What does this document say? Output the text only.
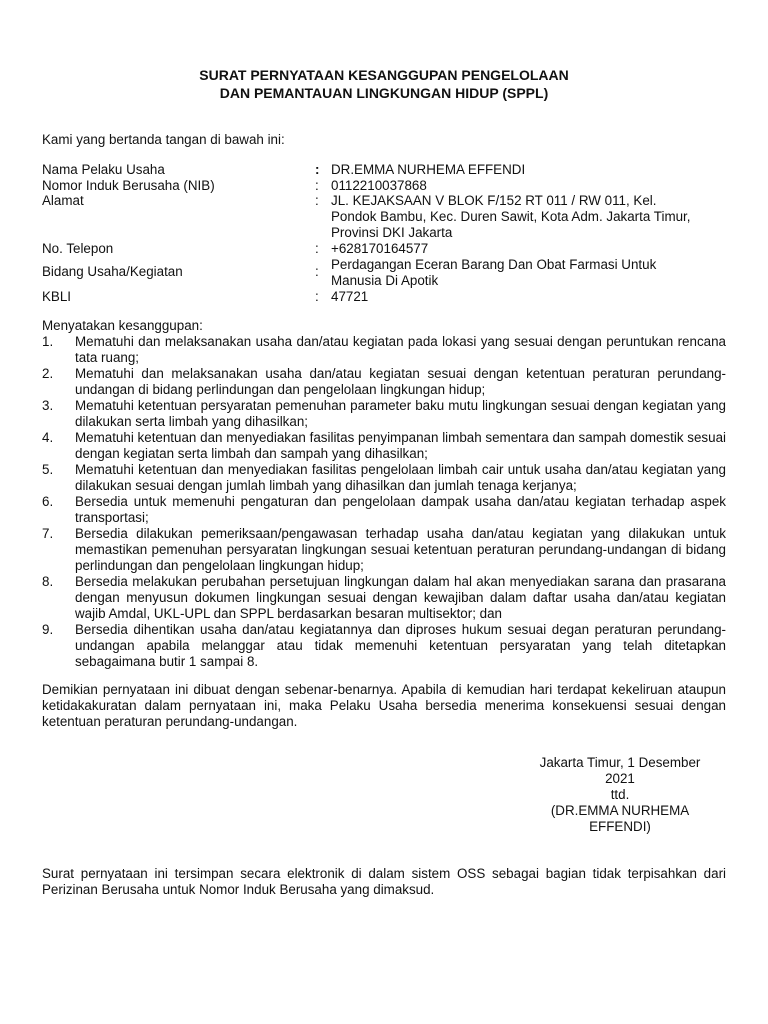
SURAT PERNYATAAN KESANGGUPAN PENGELOLAAN
DAN PEMANTAUAN LINGKUNGAN HIDUP (SPPL)
Kami yang bertanda tangan di bawah ini:
Nama Pelaku Usaha	: DR.EMMA NURHEMA EFFENDI
Nomor Induk Berusaha (NIB)	: 0112210037868
Alamat	: JL. KEJAKSAAN V BLOK F/152 RT 011 / RW 011, Kel.
Pondok Bambu, Kec. Duren Sawit, Kota Adm. Jakarta Timur,
Provinsi DKI Jakarta
No. Telepon	: +628170164577
Bidang Usaha/Kegiatan	: Perdagangan Eceran Barang Dan Obat Farmasi Untuk
Manusia Di Apotik
KBLI	: 47721
Menyatakan kesanggupan:
1. Mematuhi dan melaksanakan usaha dan/atau kegiatan pada lokasi yang sesuai dengan peruntukan rencana tata ruang;
2. Mematuhi dan melaksanakan usaha dan/atau kegiatan sesuai dengan ketentuan peraturan perundang-undangan di bidang perlindungan dan pengelolaan lingkungan hidup;
3. Mematuhi ketentuan persyaratan pemenuhan parameter baku mutu lingkungan sesuai dengan kegiatan yang dilakukan serta limbah yang dihasilkan;
4. Mematuhi ketentuan dan menyediakan fasilitas penyimpanan limbah sementara dan sampah domestik sesuai dengan kegiatan serta limbah dan sampah yang dihasilkan;
5. Mematuhi ketentuan dan menyediakan fasilitas pengelolaan limbah cair untuk usaha dan/atau kegiatan yang dilakukan sesuai dengan jumlah limbah yang dihasilkan dan jumlah tenaga kerjanya;
6. Bersedia untuk memenuhi pengaturan dan pengelolaan dampak usaha dan/atau kegiatan terhadap aspek transportasi;
7. Bersedia dilakukan pemeriksaan/pengawasan terhadap usaha dan/atau kegiatan yang dilakukan untuk memastikan pemenuhan persyaratan lingkungan sesuai ketentuan peraturan perundang-undangan di bidang perlindungan dan pengelolaan lingkungan hidup;
8. Bersedia melakukan perubahan persetujuan lingkungan dalam hal akan menyediakan sarana dan prasarana dengan menyusun dokumen lingkungan sesuai dengan kewajiban dalam daftar usaha dan/atau kegiatan wajib Amdal, UKL-UPL dan SPPL berdasarkan besaran multisektor; dan
9. Bersedia dihentikan usaha dan/atau kegiatannya dan diproses hukum sesuai degan peraturan perundang-undangan apabila melanggar atau tidak memenuhi ketentuan persyaratan yang telah ditetapkan sebagaimana butir 1 sampai 8.
Demikian pernyataan ini dibuat dengan sebenar-benarnya. Apabila di kemudian hari terdapat kekeliruan ataupun ketidakakuratan dalam pernyataan ini, maka Pelaku Usaha bersedia menerima konsekuensi sesuai dengan ketentuan peraturan perundang-undangan.
Jakarta Timur, 1 Desember
2021
ttd.
(DR.EMMA NURHEMA
EFFENDI)
Surat pernyataan ini tersimpan secara elektronik di dalam sistem OSS sebagai bagian tidak terpisahkan dari Perizinan Berusaha untuk Nomor Induk Berusaha yang dimaksud.
